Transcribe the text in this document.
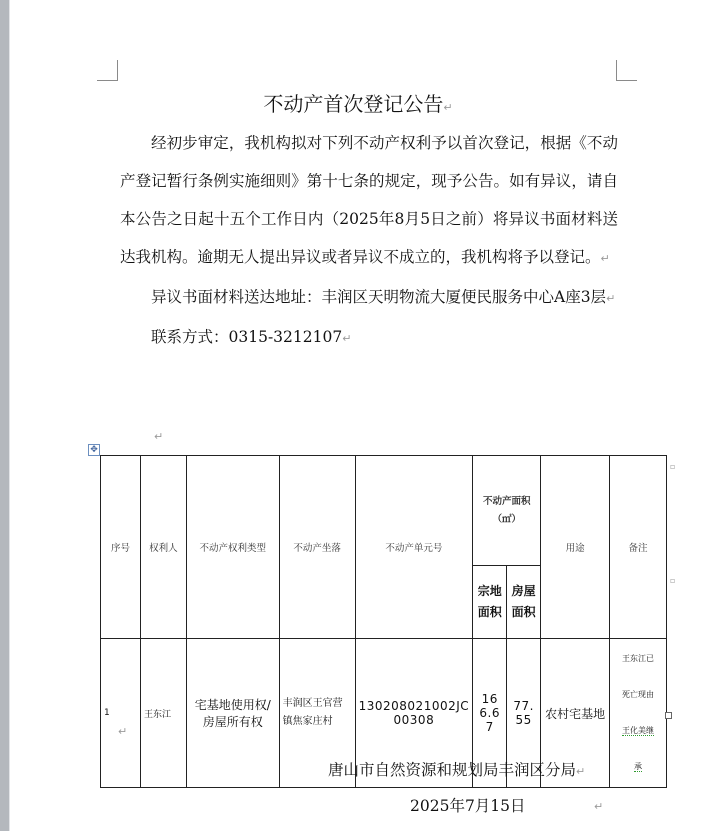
不动产首次登记公告↵

经初步审定，我机构拟对下列不动产权利予以首次登记，根据《不动产登记暂行条例实施细则》第十七条的规定，现予公告。如有异议，请自本公告之日起十五个工作日内（2025年8月5日之前）将异议书面材料送达我机构。逾期无人提出异议或者异议不成立的，我机构将予以登记。↵

异议书面材料送达地址：丰润区天明物流大厦便民服务中心A座3层↵

联系方式：0315-3212107↵

↵
✥
序号	权利人	不动产权利类型	不动产坐落	不动产单元号	不动产面积（㎡）		用途	备注
					宗地面积	房屋面积		
1	王东江	宅基地使用权/房屋所有权	丰润区王官营镇焦家庄村	130208021002JC00308	166.67	77.55	农村宅基地	王东江已
死亡现由
王化美继
承
▫
▫
↵
唐山市自然资源和规划局丰润区分局↵
2025年7月15日	↵
